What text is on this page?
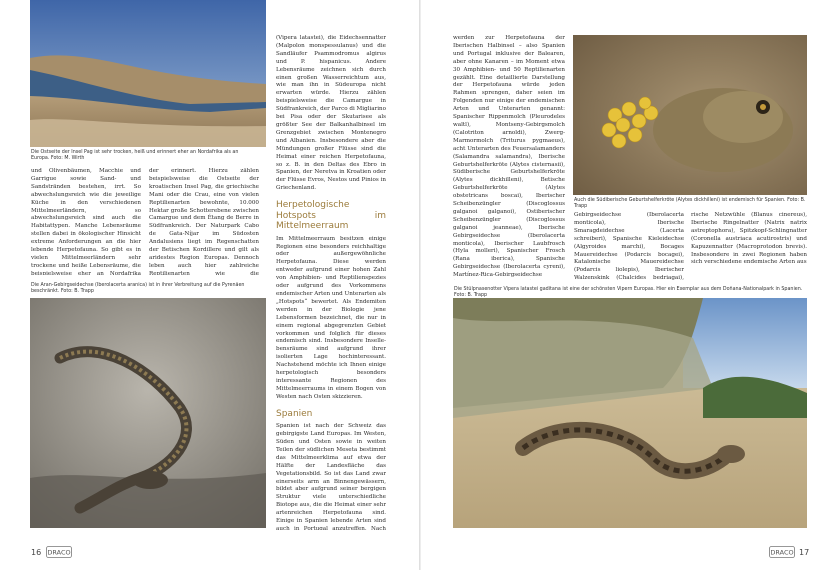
Die Ostseite der Insel Pag ist sehr trocken, heiß und erinnert eher an Nordafrika als an Europa. Foto: M. Wirth

und Olivenbäumen, Macchie und Garrigue sowie Sand- und Sandstränden bestehen, irrt. So abwechslungsreich wie die jeweilige Küche in den verschiedenen Mittelmeerländern, so abwechslungsreich sind auch die Habitattypen. Manche Lebensräume stellen dabei in ökologischer Hinsicht extreme Anforderungen an die hier lebende Herpetofauna. So gibt es in vielen Mittelmeerländern sehr trockene und heiße Lebensräume, die beispielsweise eher an Nordafrika

der erinnert. Hierzu zählen beispielsweise die Ostseite der kroatischen Insel Pag, die griechische Mani oder die Crau, eine von vielen Reptilienarten bewohnte, 10.000 Hektar große Schotterebene zwischen Camargue und dem Étang de Berre in Südfrankreich. Der Naturpark Cabo de Gata-Níjar im Südosten Andalusiens liegt im Regenschatten der Betischen Kordillere und gilt als aridestes Region Europas. Dennoch leben auch hier zahlreiche Reptilienarten wie die

Die Aran-Gebirgseidechse (Iberolacerta aranica) ist in ihrer Verbreitung auf die Pyrenäen beschränkt. Foto: B. Trapp

(Vipera latastei), die Eidechsennatter (Malpolon monspessulanus) und die Sandläufer Psammodromus algirus und P. hispanicus. Andere Lebensräume zeichnen sich durch einen großen Wasserreichtum aus, wie man ihn in Südeuropa nicht erwarten würde. Hierzu zählen beispielsweise die Camargue in Südfrankreich, der Parco di Migliarino bei Pisa oder der Skutarisee als größter See der Balkanhalbinsel im Grenzgebiet zwischen Montenegro und Albanien. Insbesondere aber die Mündungen großer Flüsse sind die Heimat einer reichen Herpetofauna, so z. B. in den Deltas des Ebro in Spanien, der Neretva in Kroatien oder der Flüsse Evros, Nestos und Pinios in Griechenland.

Herpetologische Hotspots im Mittelmeerraum

Im Mittelmeerraum besitzen einige Regionen eine besonders reichhaltige oder außergewöhnliche Herpetofauna. Diese werden entweder aufgrund einer hohen Zahl von Amphibien- und Reptilienspezies oder aufgrund des Vorkommens endemischer Arten und Unterarten als „Hotspots“ bewertet. Als Endemiten werden in der Biologie jene Lebensformen bezeichnet, die nur in einem regional abgegrenzten Gebiet vorkommen und folglich für dieses endemisch sind. Insbesondere Inselle-bensräume sind aufgrund ihrer isolierten Lage hochinteressant. Nachstehend möchte ich Ihnen einige herpetologisch besonders interessante Regionen des Mittelmeerraums in einem Bogen von Westen nach Osten skizzieren.

Spanien

Spanien ist nach der Schweiz das gebirgigste Land Europas. Im Westen, Süden und Osten sowie in weiten Teilen der südlichen Meseta bestimmt das Mittelmeerklima auf etwa der Hälfte der Landesfläche das Vegetationsbild. So ist das Land zwar einerseits arm an Binnengewässern, bildet aber aufgrund seiner bergigen Struktur viele unterschiedliche Biotope aus, die die Heimat einer sehr artenreichen Herpetofauna sind. Einige in Spanien lebende Arten sind auch in Portugal anzutreffen. Nach

16 DRACO

werden zur Herpetofauna der Iberischen Halbinsel – also Spanien und Portugal inklusive der Balearen, aber ohne Kanaren – im Moment etwa 30 Amphibien- und 50 Reptilienarten gezählt. Eine detaillierte Darstellung der Herpetofauna würde jeden Rahmen sprengen, daher seien im Folgenden nur einige der endemischen Arten und Unterarten genannt: Spanischer Rippenmolch (Pleurodeles waltl), Montseny-Gebirgsmolch (Calotriton arnoldi), Zwerg-Marmormolch (Triturus pygmaeus), acht Unterarten des Feuersalamanders (Salamandra salamandra), Iberische Geburtshelferkröte (Alytes cisternasii), Südiberische Geburtshelferkröte (Alytes dickhilleni), Betische Geburtshelferkröte (Alytes obstetricans boscai), Iberischer Scheibenzüngler (Discoglossus galganoi galganoi), Ostiberischer Scheibenzüngler (Discoglossus galganoi jeanneae), Iberische Gebirgseidechse (Iberolacerta monticola), Iberischer Laubfrosch (Hyla molleri), Spanischer Frosch (Rana iberica), Spanische Gebirgseidechse (Iberolacerta cyreni), Martínez-Rica-Gebirgseidechse

Auch die Südiberische Geburtshelferkröte (Alytes dickhilleni) ist endemisch für Spanien. Foto: B. Trapp

Gebirgseidechse (Iberolacerta monticola), Iberische Smaragdeidechse (Lacerta schreiberi), Spanische Kieleidechse (Algyroides marchi), Bocages Mauereidechse (Podarcis bocagei), Katalonische Mauereidechse (Podarcis liolepis), Iberischer Walzenskink (Chalcides bedriagai),

rische Netzwühle (Blanus cinereus), Iberische Ringelnatter (Natrix natrix astreptophora), Spitzkopf-Schlingnatter (Coronella austriaca acutirostris) und Kapuzennatter (Macroprotodon brevis). Insbesondere in zwei Regionen haben sich verschiedene endemische Arten aus

Die Stülpnasenotter Vipera latastei gaditana ist eine der schönsten Vipern Europas. Hier ein Exemplar aus dem Doñana-Nationalpark in Spanien. Foto: B. Trapp
DRACO 17
